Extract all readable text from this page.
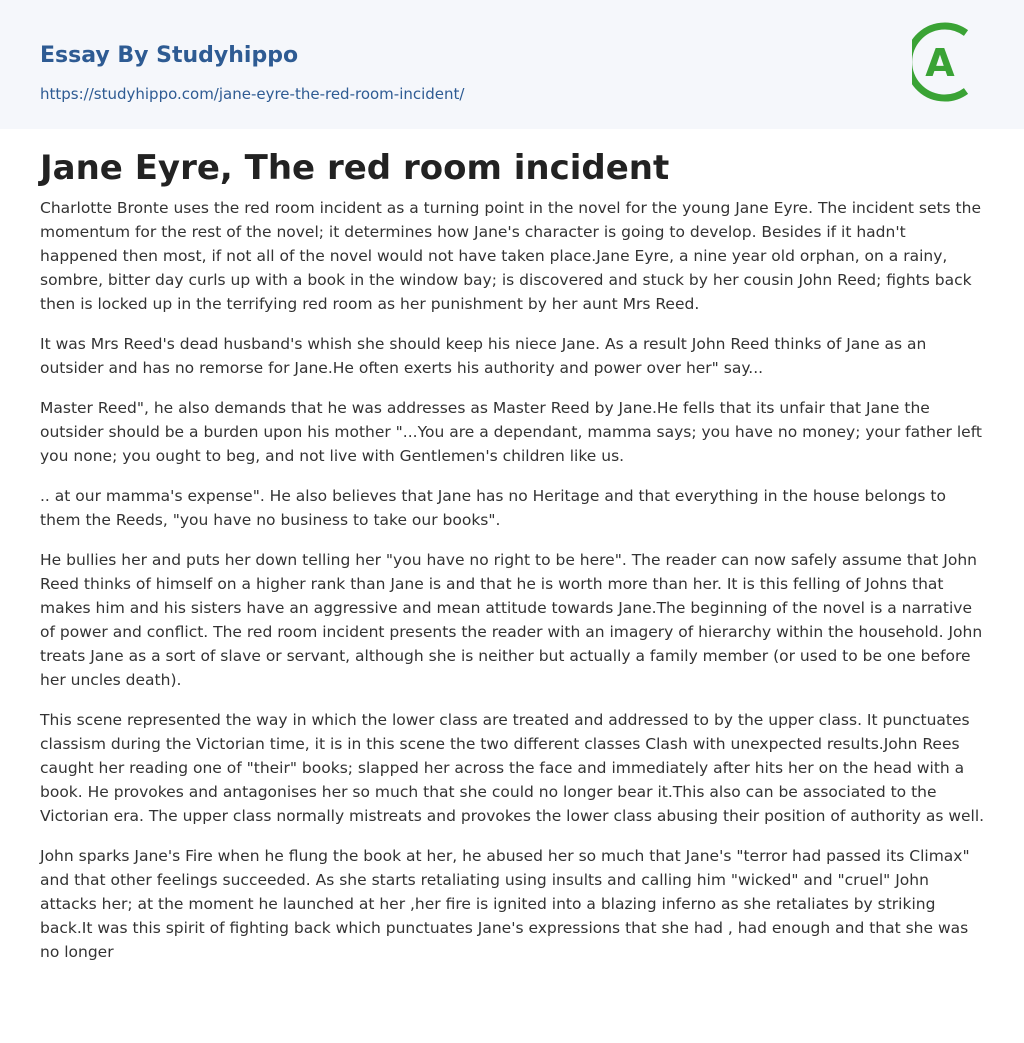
Essay By Studyhippo
https://studyhippo.com/jane-eyre-the-red-room-incident/
A
Jane Eyre, The red room incident

Charlotte Bronte uses the red room incident as a turning point in the novel for the young Jane Eyre. The incident sets the momentum for the rest of the novel; it determines how Jane's character is going to develop. Besides if it hadn't happened then most, if not all of the novel would not have taken place.Jane Eyre, a nine year old orphan, on a rainy, sombre, bitter day curls up with a book in the window bay; is discovered and stuck by her cousin John Reed; fights back then is locked up in the terrifying red room as her punishment by her aunt Mrs Reed.

It was Mrs Reed's dead husband's whish she should keep his niece Jane. As a result John Reed thinks of Jane as an outsider and has no remorse for Jane.He often exerts his authority and power over her" say...

Master Reed", he also demands that he was addresses as Master Reed by Jane.He fells that its unfair that Jane the outsider should be a burden upon his mother "...You are a dependant, mamma says; you have no money; your father left you none; you ought to beg, and not live with Gentlemen's children like us.

.. at our mamma's expense". He also believes that Jane has no Heritage and that everything in the house belongs to them the Reeds, "you have no business to take our books".

He bullies her and puts her down telling her "you have no right to be here". The reader can now safely assume that John Reed thinks of himself on a higher rank than Jane is and that he is worth more than her. It is this felling of Johns that makes him and his sisters have an aggressive and mean attitude towards Jane.The beginning of the novel is a narrative of power and conflict. The red room incident presents the reader with an imagery of hierarchy within the household. John treats Jane as a sort of slave or servant, although she is neither but actually a family member (or used to be one before her uncles death).

This scene represented the way in which the lower class are treated and addressed to by the upper class. It punctuates classism during the Victorian time, it is in this scene the two different classes Clash with unexpected results.John Rees caught her reading one of "their" books; slapped her across the face and immediately after hits her on the head with a book. He provokes and antagonises her so much that she could no longer bear it.This also can be associated to the Victorian era. The upper class normally mistreats and provokes the lower class abusing their position of authority as well.

John sparks Jane's Fire when he flung the book at her, he abused her so much that Jane's "terror had passed its Climax" and that other feelings succeeded. As she starts retaliating using insults and calling him "wicked" and "cruel" John attacks her; at the moment he launched at her ,her fire is ignited into a blazing inferno as she retaliates by striking back.It was this spirit of fighting back which punctuates Jane's expressions that she had , had enough and that she was no longer
